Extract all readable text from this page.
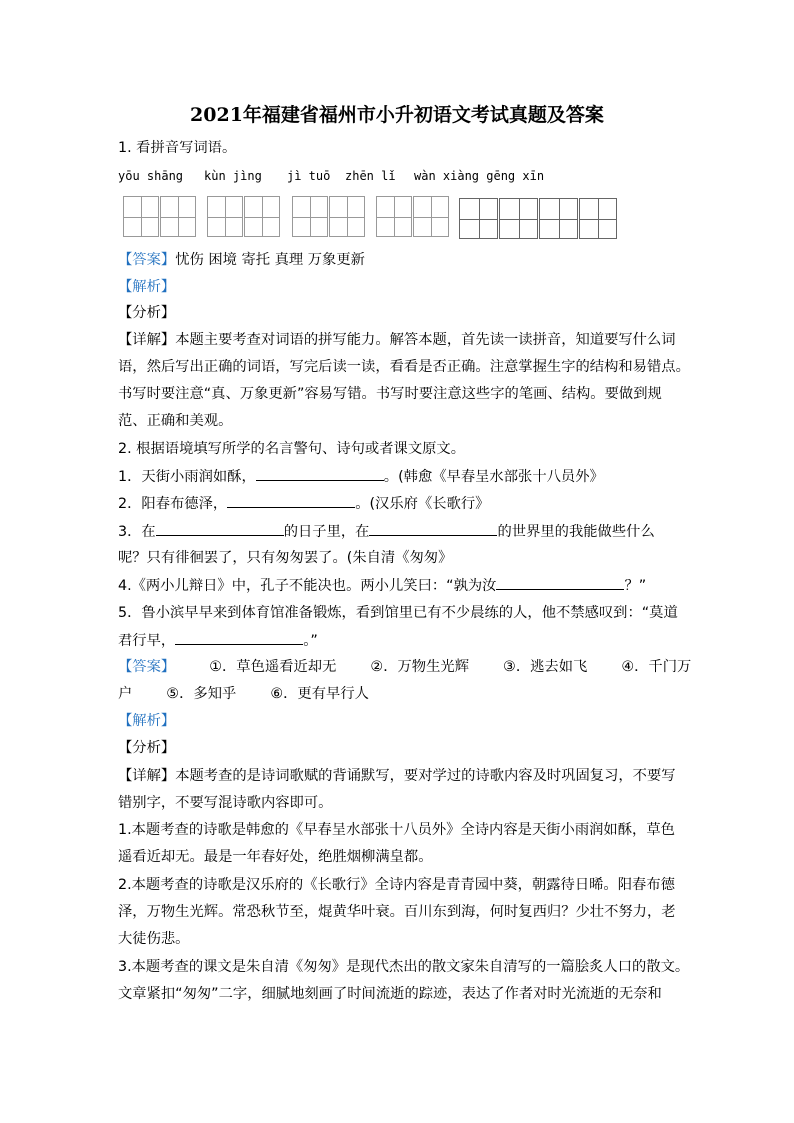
2021年福建省福州市小升初语文考试真题及答案
1. 看拼音写词语。
yōu shāng kùn jìng jì tuō zhēn lǐ wàn xiàng gēng xīn
【答案】忧伤 困境 寄托 真理 万象更新
【解析】
【分析】
【详解】本题主要考查对词语的拼写能力。解答本题，首先读一读拼音，知道要写什么词
语，然后写出正确的词语，写完后读一读，看看是否正确。注意掌握生字的结构和易错点。
书写时要注意“真、万象更新”容易写错。书写时要注意这些字的笔画、结构。要做到规
范、正确和美观。
2. 根据语境填写所学的名言警句、诗句或者课文原文。
1．天街小雨润如酥，	。(韩愈《早春呈水部张十八员外》
2．阳春布德泽，	。(汉乐府《长歌行》
3．在	的日子里，在	的世界里的我能做些什么
呢？只有徘徊罢了，只有匆匆罢了。(朱自清《匆匆》
4.《两小儿辩日》中，孔子不能决也。两小儿笑曰：“孰为汝	？”
5．鲁小滨早早来到体育馆准备锻炼，看到馆里已有不少晨练的人，他不禁感叹到：“莫道
君行早，	。”
【答案】 ①．草色遥看近却无 ②．万物生光辉 ③．逃去如飞 ④．千门万
户 ⑤．多知乎 ⑥．更有早行人
【解析】
【分析】
【详解】本题考查的是诗词歌赋的背诵默写，要对学过的诗歌内容及时巩固复习，不要写
错别字，不要写混诗歌内容即可。
1.本题考查的诗歌是韩愈的《早春呈水部张十八员外》全诗内容是天街小雨润如酥，草色
遥看近却无。最是一年春好处，绝胜烟柳满皇都。
2.本题考查的诗歌是汉乐府的《长歌行》全诗内容是青青园中葵，朝露待日晞。阳春布德
泽，万物生光辉。常恐秋节至，焜黄华叶衰。百川东到海，何时复西归？少壮不努力，老
大徒伤悲。
3.本题考查的课文是朱自清《匆匆》是现代杰出的散文家朱自清写的一篇脍炙人口的散文。
文章紧扣“匆匆”二字，细腻地刻画了时间流逝的踪迹，表达了作者对时光流逝的无奈和
